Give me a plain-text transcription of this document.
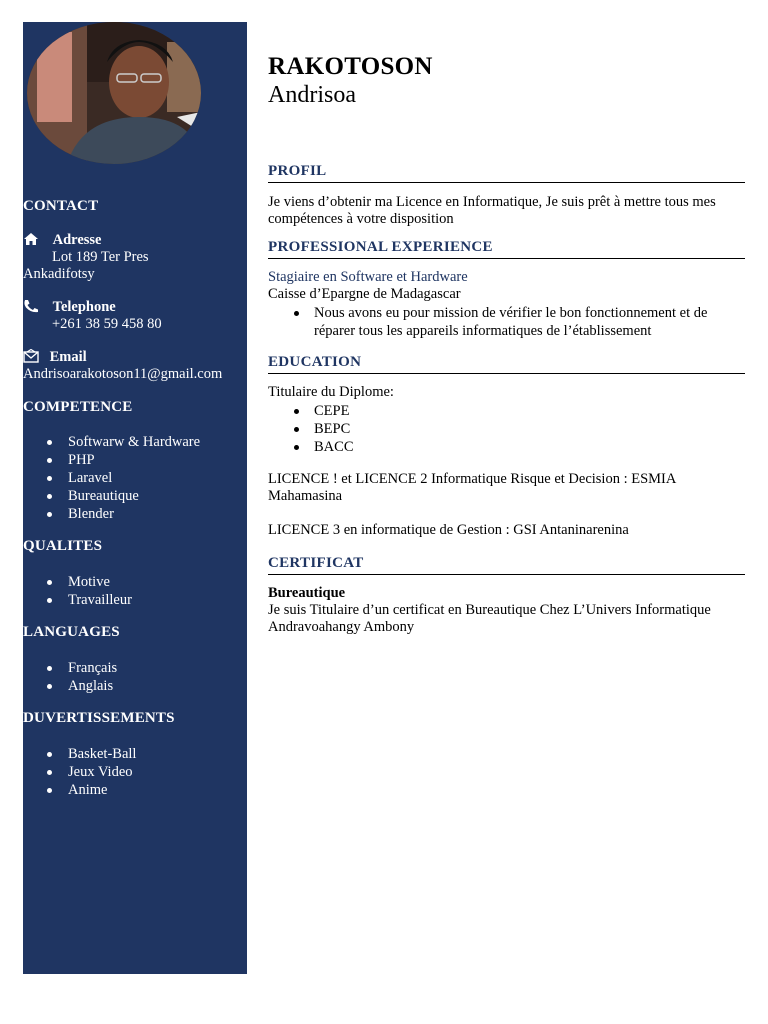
CONTACT
Adresse
Lot 189 Ter Pres
Ankadifotsy
Telephone
+261 38 59 458 80
Email
Andrisoarakotoson11@gmail.com
COMPETENCE
Softwarw & Hardware
PHP
Laravel
Bureautique
Blender
QUALITES
Motive
Travailleur
LANGUAGES
Français
Anglais
DUVERTISSEMENTS
Basket-Ball
Jeux Video
Anime
RAKOTOSON
Andrisoa
PROFIL
Je viens d’obtenir ma Licence en Informatique, Je suis prêt à mettre tous mes compétences à votre disposition
PROFESSIONAL EXPERIENCE
Stagiaire en Software et Hardware
Caisse d’Epargne de Madagascar
Nous avons eu pour mission de vérifier le bon fonctionnement et de réparer tous les appareils informatiques de l’établissement
EDUCATION
Titulaire du Diplome:
CEPE
BEPC
BACC
LICENCE ! et LICENCE 2 Informatique Risque et Decision : ESMIA Mahamasina
LICENCE 3 en informatique de Gestion : GSI Antaninarenina
CERTIFICAT
Bureautique
Je suis Titulaire d’un certificat en Bureautique Chez L’Univers Informatique Andravoahangy Ambony
